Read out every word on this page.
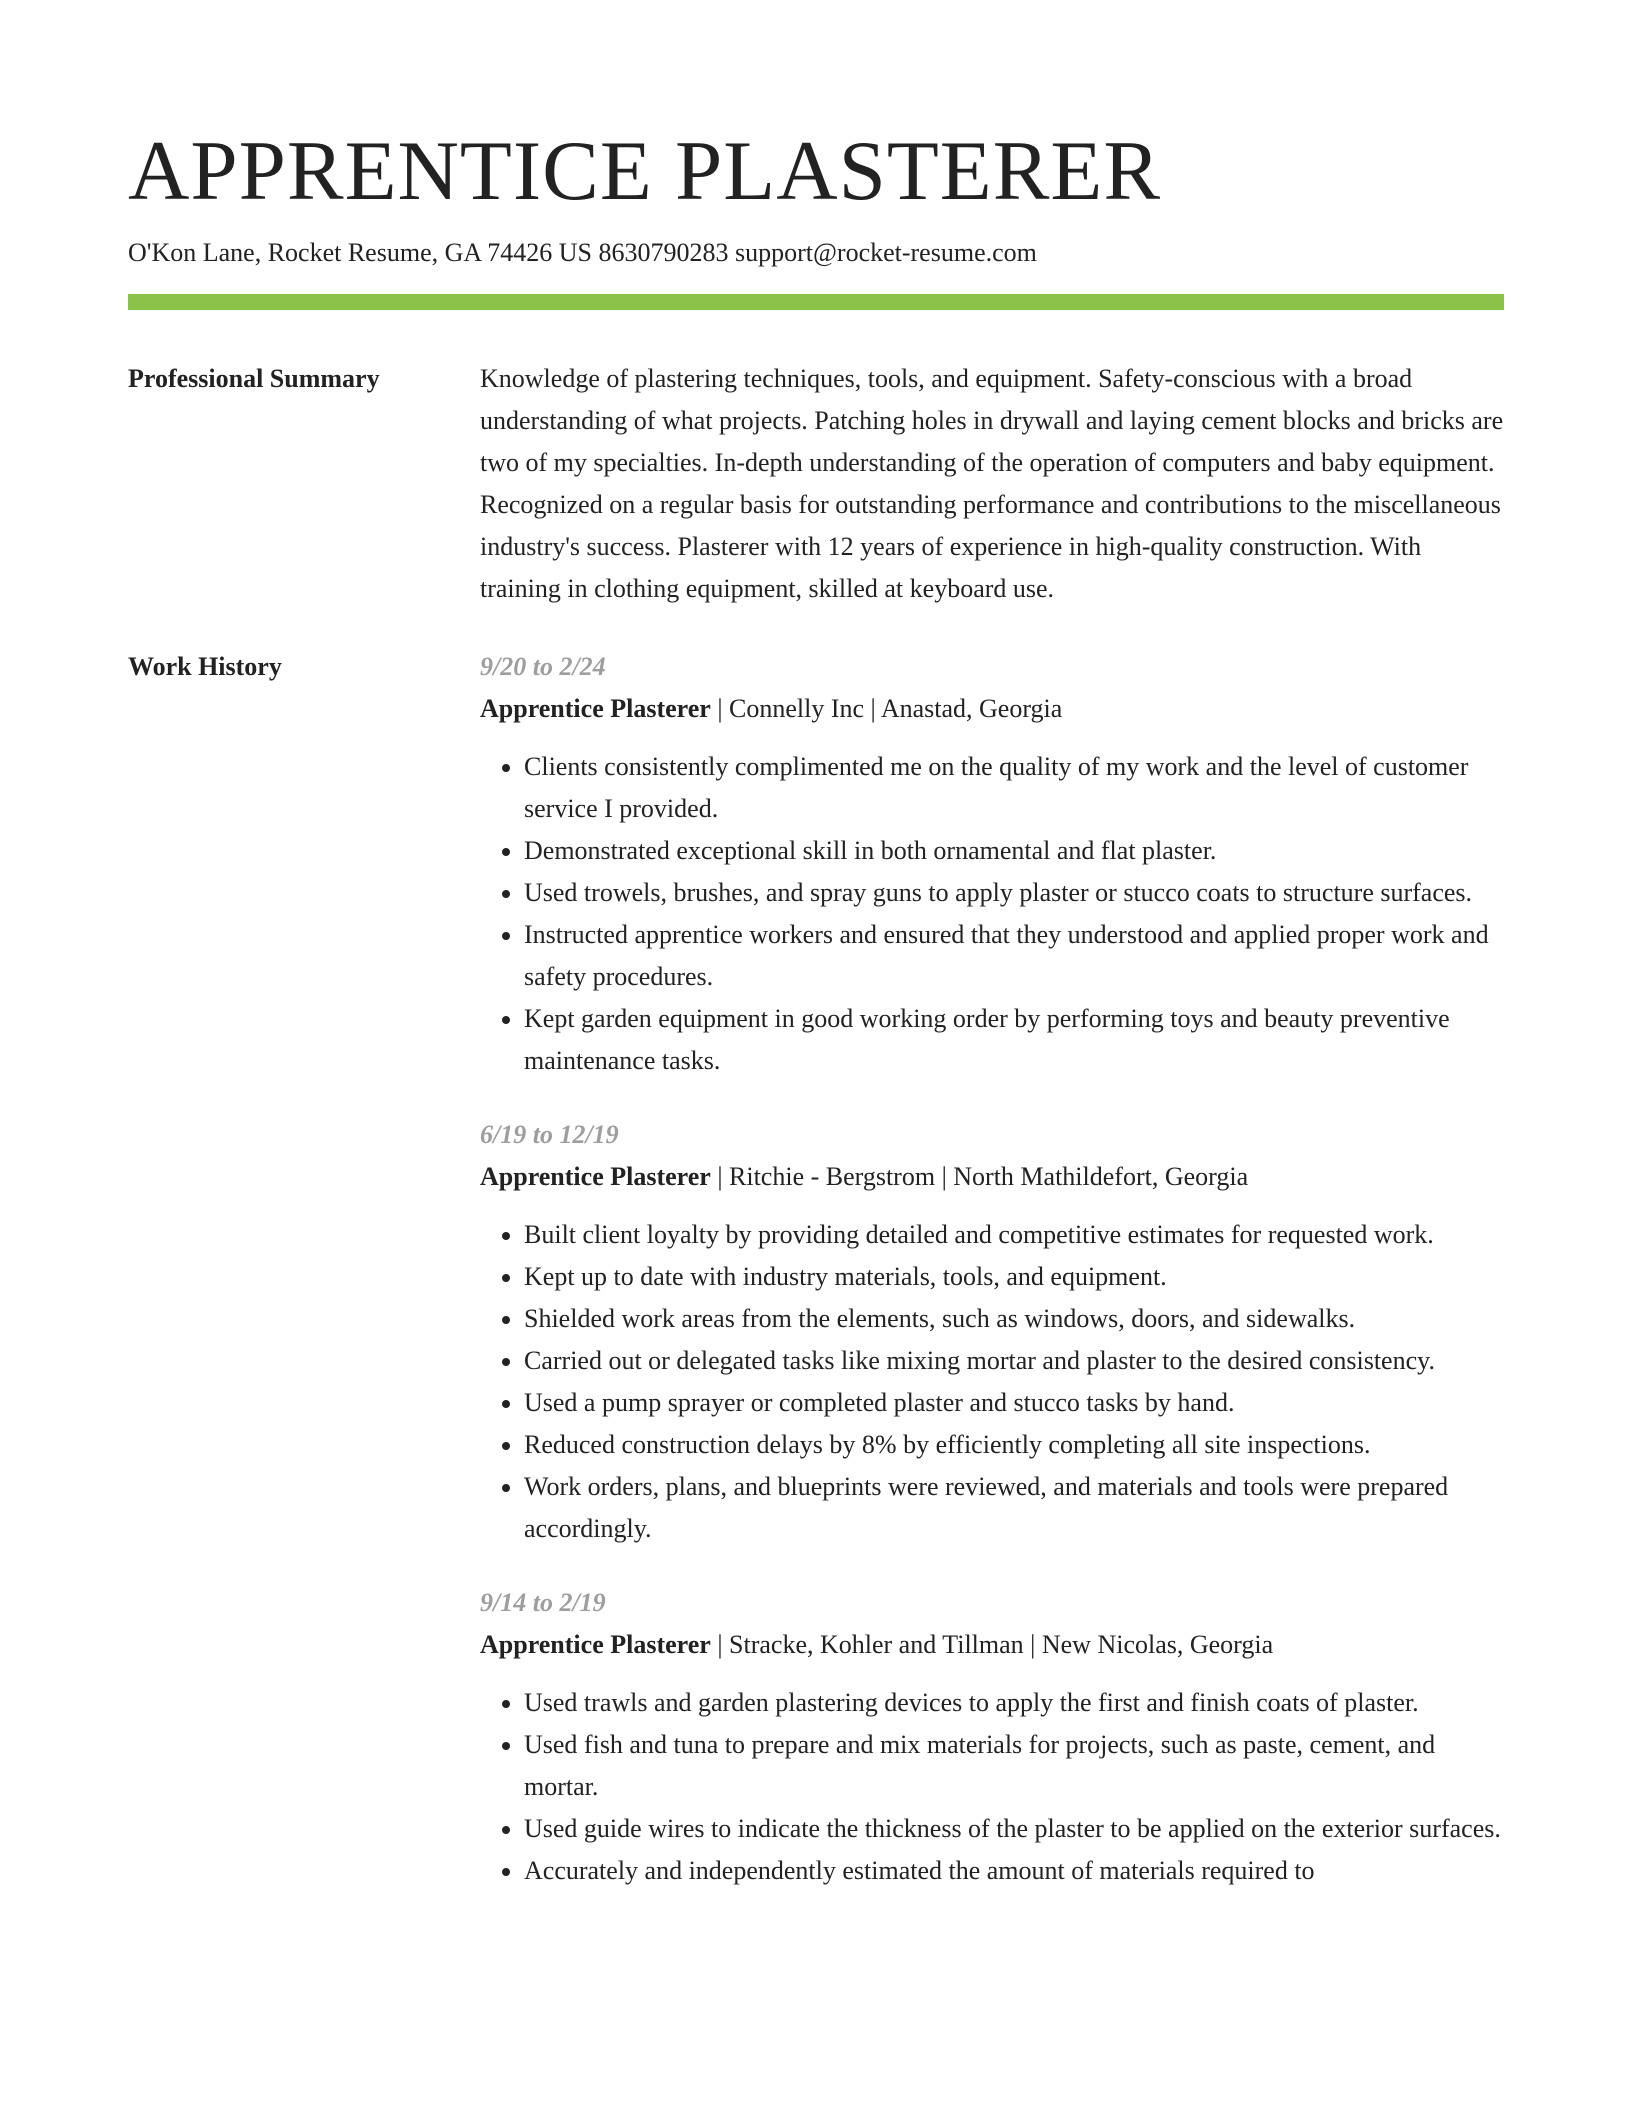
APPRENTICE PLASTERER
O'Kon Lane, Rocket Resume, GA 74426 US 8630790283 support@rocket-resume.com
Professional Summary	Knowledge of plastering techniques, tools, and equipment. Safety-conscious with a broad understanding of what projects. Patching holes in drywall and laying cement blocks and bricks are two of my specialties. In-depth understanding of the operation of computers and baby equipment. Recognized on a regular basis for outstanding performance and contributions to the miscellaneous industry's success. Plasterer with 12 years of experience in high-quality construction. With training in clothing equipment, skilled at keyboard use.

Work History	9/20 to 2/24
Apprentice Plasterer | Connelly Inc | Anastad, Georgia
• Clients consistently complimented me on the quality of my work and the level of customer service I provided.
• Demonstrated exceptional skill in both ornamental and flat plaster.
• Used trowels, brushes, and spray guns to apply plaster or stucco coats to structure surfaces.
• Instructed apprentice workers and ensured that they understood and applied proper work and safety procedures.
• Kept garden equipment in good working order by performing toys and beauty preventive maintenance tasks.
6/19 to 12/19
Apprentice Plasterer | Ritchie - Bergstrom | North Mathildefort, Georgia
• Built client loyalty by providing detailed and competitive estimates for requested work.
• Kept up to date with industry materials, tools, and equipment.
• Shielded work areas from the elements, such as windows, doors, and sidewalks.
• Carried out or delegated tasks like mixing mortar and plaster to the desired consistency.
• Used a pump sprayer or completed plaster and stucco tasks by hand.
• Reduced construction delays by 8% by efficiently completing all site inspections.
• Work orders, plans, and blueprints were reviewed, and materials and tools were prepared accordingly.
9/14 to 2/19
Apprentice Plasterer | Stracke, Kohler and Tillman | New Nicolas, Georgia
• Used trawls and garden plastering devices to apply the first and finish coats of plaster.
• Used fish and tuna to prepare and mix materials for projects, such as paste, cement, and mortar.
• Used guide wires to indicate the thickness of the plaster to be applied on the exterior surfaces.
• Accurately and independently estimated the amount of materials required to
